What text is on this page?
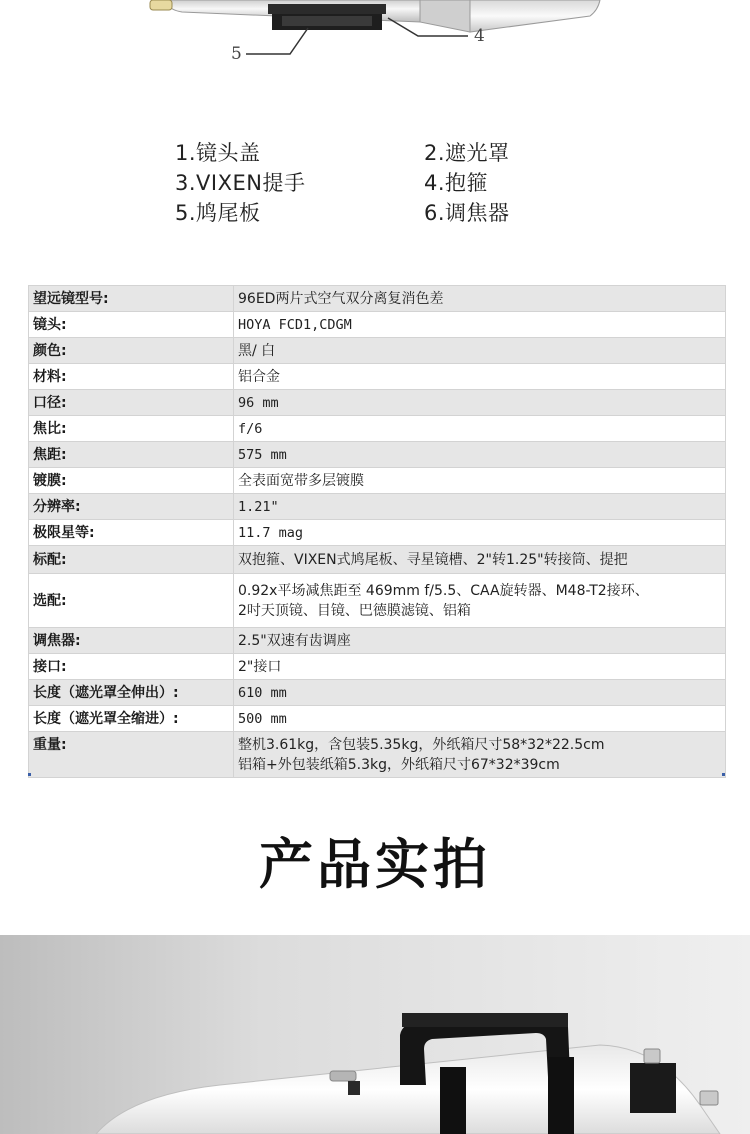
5
4
1.镜头盖	2.遮光罩
3.VIXEN提手	4.抱箍
5.鸠尾板	6.调焦器
望远镜型号:	96ED两片式空气双分离复消色差
镜头:	HOYA FCD1,CDGM
颜色:	黑/ 白
材料:	铝合金
口径:	96 mm
焦比:	f/6
焦距:	575 mm
镀膜:	全表面宽带多层镀膜
分辨率:	1.21"
极限星等:	11.7 mag
标配:	双抱箍、VIXEN式鸠尾板、寻星镜槽、2"转1.25"转接筒、提把
选配:	0.92x平场减焦距至 469mm f/5.5、CAA旋转器、M48-T2接环、
2吋天顶镜、目镜、巴德膜滤镜、铝箱

调焦器:	2.5"双速有齿调座
接口:	2"接口
长度（遮光罩全伸出）:	610 mm
长度（遮光罩全缩进）:	500 mm
重量:	整机3.61kg，含包装5.35kg，外纸箱尺寸58*32*22.5cm
铝箱+外包装纸箱5.3kg，外纸箱尺寸67*32*39cm
产品实拍
